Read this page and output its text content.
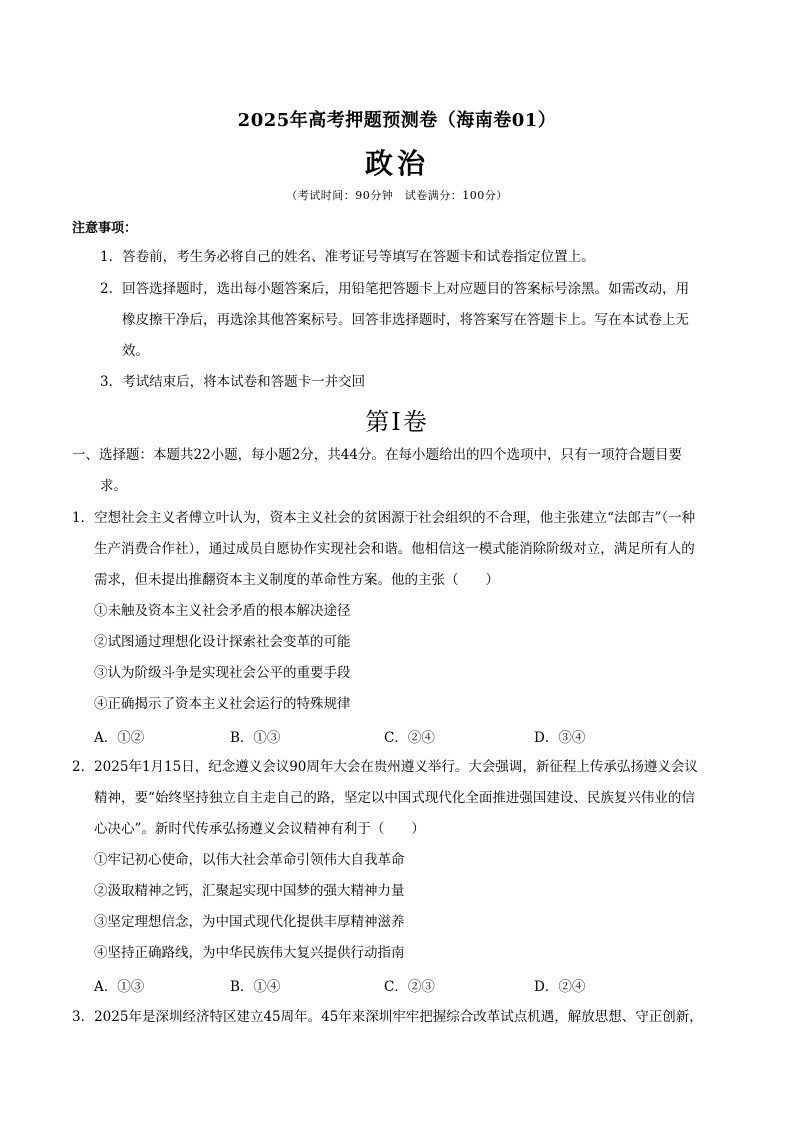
2025年高考押题预测卷（海南卷01）
政治
（考试时间：90分钟　试卷满分：100分）
注意事项：
1．答卷前，考生务必将自己的姓名、准考证号等填写在答题卡和试卷指定位置上。
2．回答选择题时，选出每小题答案后，用铅笔把答题卡上对应题目的答案标号涂黑。如需改动，用
橡皮擦干净后，再选涂其他答案标号。回答非选择题时，将答案写在答题卡上。写在本试卷上无
效。
3．考试结束后，将本试卷和答题卡一并交回
第Ⅰ卷
一、选择题：本题共22小题，每小题2分，共44分。在每小题给出的四个选项中，只有一项符合题目要
求。
1．空想社会主义者傅立叶认为，资本主义社会的贫困源于社会组织的不合理，他主张建立“法郎吉”（一种
生产消费合作社），通过成员自愿协作实现社会和谐。他相信这一模式能消除阶级对立，满足所有人的
需求，但未提出推翻资本主义制度的革命性方案。他的主张（　　）
①未触及资本主义社会矛盾的根本解决途径
②试图通过理想化设计探索社会变革的可能
③认为阶级斗争是实现社会公平的重要手段
④正确揭示了资本主义社会运行的特殊规律
A．①②	B．①③	C．②④	D．③④
2．2025年1月15日，纪念遵义会议90周年大会在贵州遵义举行。大会强调，新征程上传承弘扬遵义会议
精神，要“始终坚持独立自主走自己的路，坚定以中国式现代化全面推进强国建设、民族复兴伟业的信
心决心”。新时代传承弘扬遵义会议精神有利于（　　）
①牢记初心使命，以伟大社会革命引领伟大自我革命
②汲取精神之钙，汇聚起实现中国梦的强大精神力量
③坚定理想信念，为中国式现代化提供丰厚精神滋养
④坚持正确路线，为中华民族伟大复兴提供行动指南
A．①③	B．①④	C．②③	D．②④
3．2025年是深圳经济特区建立45周年。45年来深圳牢牢把握综合改革试点机遇，解放思想、守正创新，
